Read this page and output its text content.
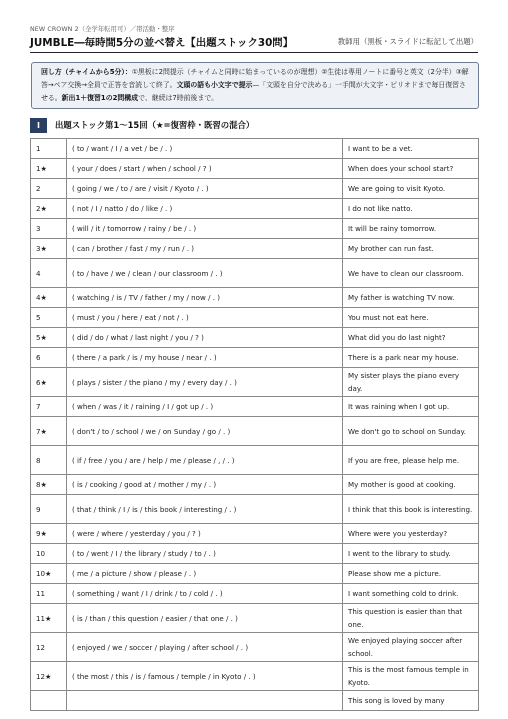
NEW CROWN 2（全学年転用可）／帯活動・整序
JUMBLE―毎時間5分の並べ替え【出題ストック30問】	教師用（黒板・スライドに転記して出題）
回し方（チャイムから5分）：①黒板に2問提示（チャイムと同時に始まっているのが理想）②生徒は専用ノートに番号と英文（2分半）③解答→ペア交換→全員で正答を音読して終了。文頭の語も小文字で提示—「文頭を自分で決める」一手間が大文字・ピリオドまで毎日復習させる。新出1＋復習1の2問構成で、継続は7時前後まで。
Ⅰ	出題ストック第1〜15回（★=復習枠・既習の混合）
1	( to / want / I / a vet / be / . )	I want to be a vet.
1★	( your / does / start / when / school / ? )	When does your school start?
2	( going / we / to / are / visit / Kyoto / . )	We are going to visit Kyoto.
2★	( not / I / natto / do / like / . )	I do not like natto.
3	( will / it / tomorrow / rainy / be / . )	It will be rainy tomorrow.
3★	( can / brother / fast / my / run / . )	My brother can run fast.
4	( to / have / we / clean / our classroom / . )	We have to clean our classroom.
4★	( watching / is / TV / father / my / now / . )	My father is watching TV now.
5	( must / you / here / eat / not / . )	You must not eat here.
5★	( did / do / what / last night / you / ? )	What did you do last night?
6	( there / a park / is / my house / near / . )	There is a park near my house.
6★	( plays / sister / the piano / my / every day / . )	My sister plays the piano every day.
7	( when / was / it / raining / I / got up / . )	It was raining when I got up.
7★	( don't / to / school / we / on Sunday / go / . )	We don't go to school on Sunday.
8	( if / free / you / are / help / me / please / , / . )	If you are free, please help me.
8★	( is / cooking / good at / mother / my / . )	My mother is good at cooking.
9	( that / think / I / is / this book / interesting / . )	I think that this book is interesting.
9★	( were / where / yesterday / you / ? )	Where were you yesterday?
10	( to / went / I / the library / study / to / . )	I went to the library to study.
10★	( me / a picture / show / please / . )	Please show me a picture.
11	( something / want / I / drink / to / cold / . )	I want something cold to drink.
11★	( is / than / this question / easier / that one / . )	This question is easier than that one.
12	( enjoyed / we / soccer / playing / after school / . )	We enjoyed playing soccer after school.
12★	( the most / this / is / famous / temple / in Kyoto / . )	This is the most famous temple in Kyoto.
		This song is loved by many
